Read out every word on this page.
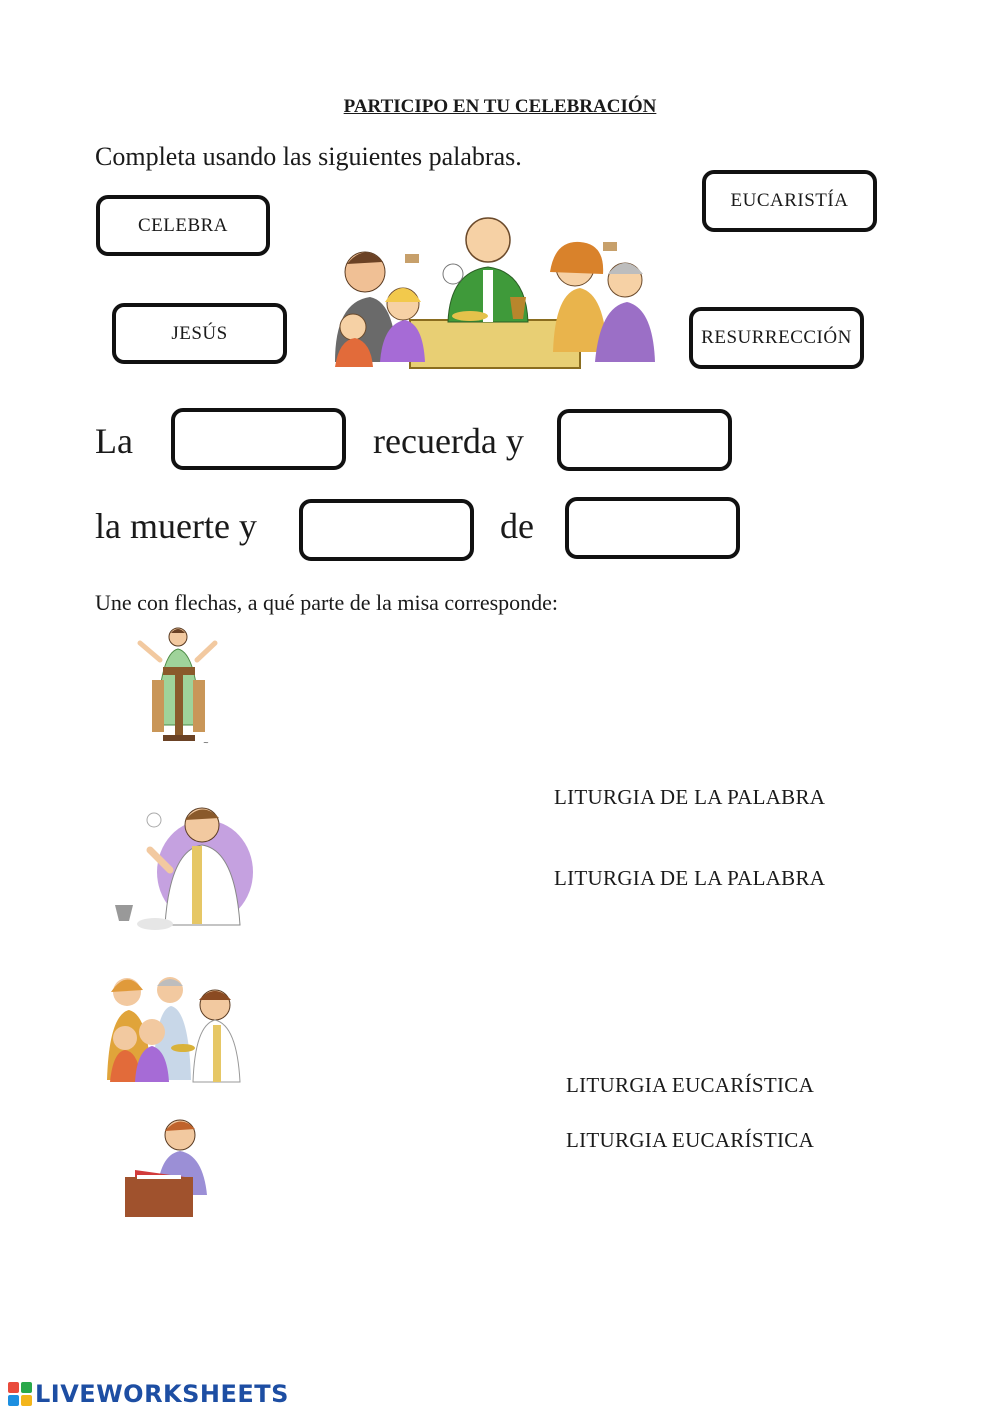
PARTICIPO EN TU CELEBRACIÓN
Completa usando las siguientes palabras.
CELEBRA
EUCARISTÍA
JESÚS	RESURRECCIÓN
La	recuerda y
la muerte y	de
Une con flechas, a qué parte de la misa corresponde:
~
LITURGIA DE LA PALABRA
LITURGIA DE LA PALABRA
LITURGIA EUCARÍSTICA
LITURGIA EUCARÍSTICA
LIVEWORKSHEETS
